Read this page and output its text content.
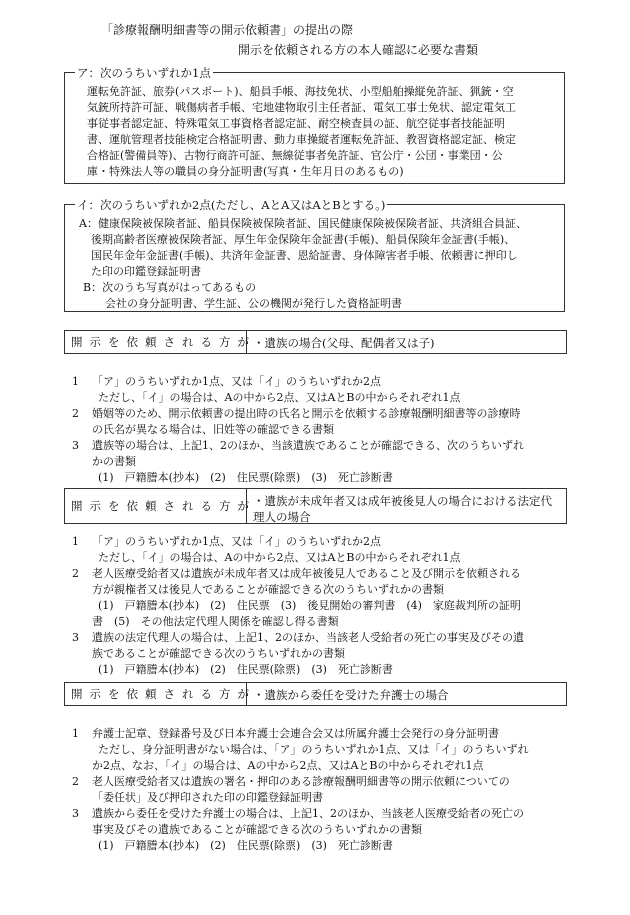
「診療報酬明細書等の開示依頼書」の提出の際
開示を依頼される方の本人確認に必要な書類
ア：次のうちいずれか1点

運転免許証、旅券(パスポート)、船員手帳、海技免状、小型船舶操縦免許証、猟銃・空

気銃所持許可証、戦傷病者手帳、宅地建物取引主任者証、電気工事士免状、認定電気工

事従事者認定証、特殊電気工事資格者認定証、耐空検査員の証、航空従事者技能証明

書、運航管理者技能検定合格証明書、動力車操縦者運転免許証、教習資格認定証、検定

合格証(警備員等)、古物行商許可証、無線従事者免許証、官公庁・公団・事業団・公

庫・特殊法人等の職員の身分証明書(写真・生年月日のあるもの)

イ：次のうちいずれか2点(ただし、AとA又はAとBとする。)

A：健康保険被保険者証、船員保険被保険者証、国民健康保険被保険者証、共済組合員証、

後期高齢者医療被保険者証、厚生年金保険年金証書(手帳)、船員保険年金証書(手帳)、

国民年金年金証書(手帳)、共済年金証書、恩給証書、身体障害者手帳、依頼書に押印し

た印の印鑑登録証明書

B：次のうち写真がはってあるもの

会社の身分証明書、学生証、公の機関が発行した資格証明書

開示を依頼される方が
・遺族の場合(父母、配偶者又は子)

1 「ア」のうちいずれか1点、又は「イ」のうちいずれか2点

ただし、「イ」の場合は、Aの中から2点、又はAとBの中からそれぞれ1点

2 婚姻等のため、開示依頼書の提出時の氏名と開示を依頼する診療報酬明細書等の診療時

の氏名が異なる場合は、旧姓等の確認できる書類

3 遺族等の場合は、上記1、2のほか、当該遺族であることが確認できる、次のうちいずれ

かの書類

(1)　戸籍謄本(抄本)　(2)　住民票(除票)　(3)　死亡診断書

開示を依頼される方が
・遺族が未成年者又は成年被後見人の場合における法定代理人の場合

1 「ア」のうちいずれか1点、又は「イ」のうちいずれか2点

ただし、「イ」の場合は、Aの中から2点、又はAとBの中からそれぞれ1点

2 老人医療受給者又は遺族が未成年者又は成年被後見人であること及び開示を依頼される

方が親権者又は後見人であることが確認できる次のうちいずれかの書類

(1)　戸籍謄本(抄本)　(2)　住民票　(3)　後見開始の審判書　(4)　家庭裁判所の証明

書　(5)　その他法定代理人関係を確認し得る書類

3 遺族の法定代理人の場合は、上記1、2のほか、当該老人受給者の死亡の事実及びその遺

族であることが確認できる次のうちいずれかの書類

(1)　戸籍謄本(抄本)　(2)　住民票(除票)　(3)　死亡診断書

開示を依頼される方が
・遺族から委任を受けた弁護士の場合

1 弁護士記章、登録番号及び日本弁護士会連合会又は所属弁護士会発行の身分証明書

ただし、身分証明書がない場合は、「ア」のうちいずれか1点、又は「イ」のうちいずれ

か2点、なお、「イ」の場合は、Aの中から2点、又はAとBの中からそれぞれ1点

2 老人医療受給者又は遺族の署名・押印のある診療報酬明細書等の開示依頼についての

「委任状」及び押印された印の印鑑登録証明書

3 遺族から委任を受けた弁護士の場合は、上記1、2のほか、当該老人医療受給者の死亡の

事実及びその遺族であることが確認できる次のうちいずれかの書類

(1)　戸籍謄本(抄本)　(2)　住民票(除票)　(3)　死亡診断書
